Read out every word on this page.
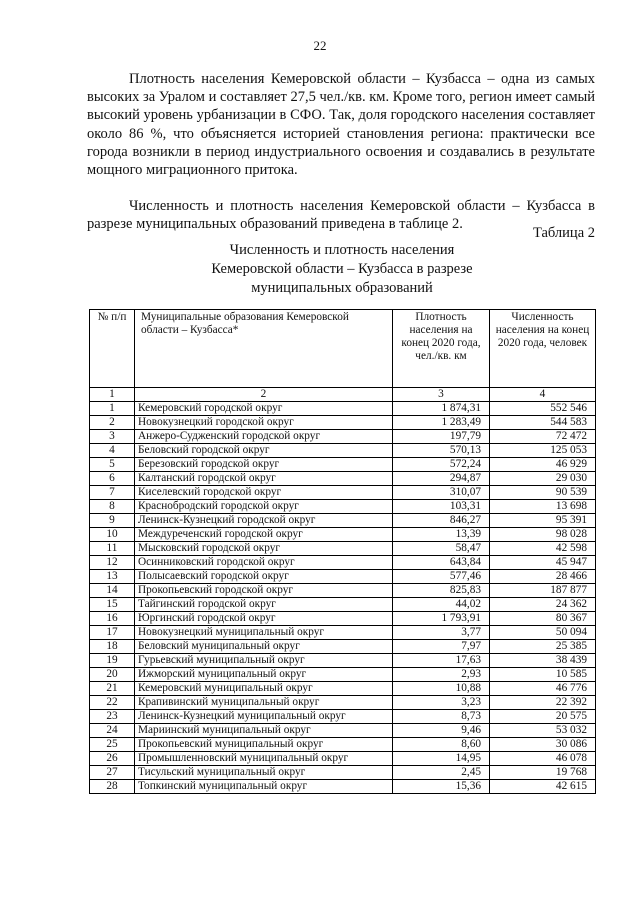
22

Плотность населения Кемеровской области – Кузбасса – одна из самых высоких за Уралом и составляет 27,5 чел./кв. км. Кроме того, регион имеет самый высокий уровень урбанизации в СФО. Так, доля городского населения составляет около 86 %, что объясняется историей становления региона: практически все города возникли в период индустриального освоения и создавались в результате мощного миграционного притока.

Численность и плотность населения Кемеровской области – Кузбасса в разрезе муниципальных образований приведена в таблице 2.

Таблица 2
Численность и плотность населения
Кемеровской области – Кузбасса в разрезе
муниципальных образований
№ п/п	Муниципальные образования Кемеровской области – Кузбасса*	Плотность населения на конец 2020 года, чел./кв. км	Численность населения на конец 2020 года, человек
1	2	3	4
1	Кемеровский городской округ	1 874,31	552 546
2	Новокузнецкий городской округ	1 283,49	544 583
3	Анжеро-Судженский городской округ	197,79	72 472
4	Беловский городской округ	570,13	125 053
5	Березовский городской округ	572,24	46 929
6	Калтанский городской округ	294,87	29 030
7	Киселевский городской округ	310,07	90 539
8	Краснобродский городской округ	103,31	13 698
9	Ленинск-Кузнецкий городской округ	846,27	95 391
10	Междуреченский городской округ	13,39	98 028
11	Мысковский городской округ	58,47	42 598
12	Осинниковский городской округ	643,84	45 947
13	Полысаевский городской округ	577,46	28 466
14	Прокопьевский городской округ	825,83	187 877
15	Тайгинский городской округ	44,02	24 362
16	Юргинский городской округ	1 793,91	80 367
17	Новокузнецкий муниципальный округ	3,77	50 094
18	Беловский муниципальный округ	7,97	25 385
19	Гурьевский муниципальный округ	17,63	38 439
20	Ижморский муниципальный округ	2,93	10 585
21	Кемеровский муниципальный округ	10,88	46 776
22	Крапивинский муниципальный округ	3,23	22 392
23	Ленинск-Кузнецкий муниципальный округ	8,73	20 575
24	Мариинский муниципальный округ	9,46	53 032
25	Прокопьевский муниципальный округ	8,60	30 086
26	Промышленновский муниципальный округ	14,95	46 078
27	Тисульский муниципальный округ	2,45	19 768
28	Топкинский муниципальный округ	15,36	42 615
